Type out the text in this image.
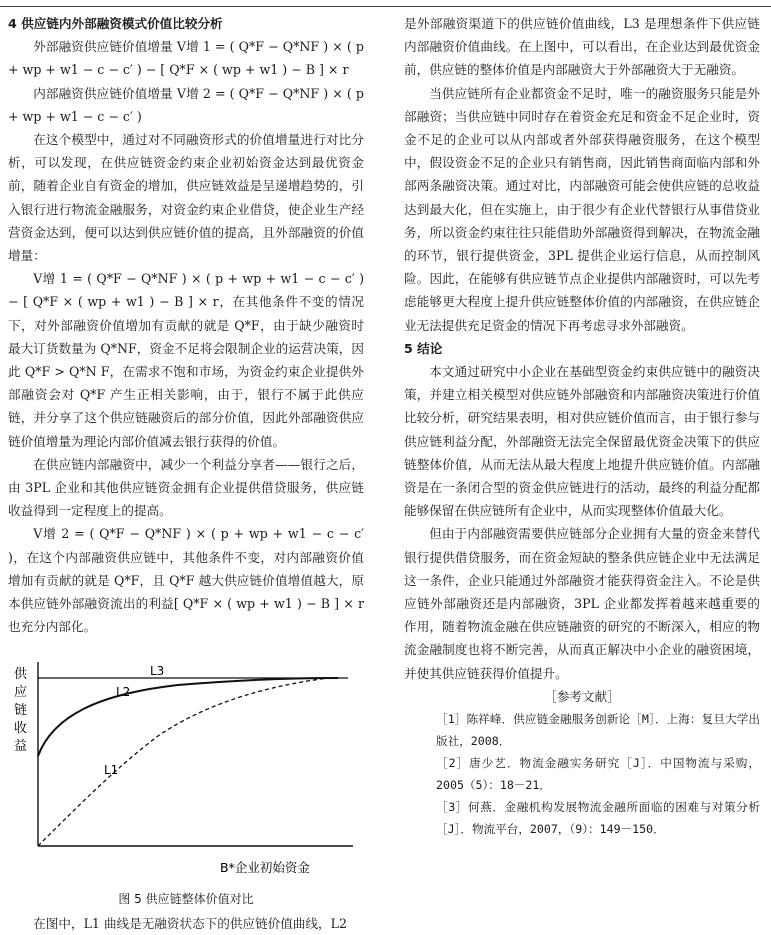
4 供应链内外部融资模式价值比较分析

外部融资供应链价值增量 V增 1 = ( Q*F − Q*NF ) × ( p + wp + w1 − c − c′ ) − [ Q*F × ( wp + w1 ) − B ] × r

内部融资供应链价值增量 V增 2 = ( Q*F − Q*NF ) × ( p + wp + w1 − c − c′ )

在这个模型中，通过对不同融资形式的价值增量进行对比分析，可以发现，在供应链资金约束企业初始资金达到最优资金前，随着企业自有资金的增加，供应链效益是呈递增趋势的，引入银行进行物流金融服务，对资金约束企业借贷，使企业生产经营资金达到，便可以达到供应链价值的提高，且外部融资的价值增量：

V增 1 = ( Q*F − Q*NF ) × ( p + wp + w1 − c − c′ ) − [ Q*F × ( wp + w1 ) − B ] × r，在其他条件不变的情况下，对外部融资价值增加有贡献的就是 Q*F，由于缺少融资时最大订货数量为 Q*NF，资金不足将会限制企业的运营决策，因此 Q*F > Q*N F，在需求不饱和市场，为资金约束企业提供外部融资会对 Q*F 产生正相关影响，由于，银行不属于此供应链，并分享了这个供应链融资后的部分价值，因此外部融资供应链价值增量为理论内部价值减去银行获得的价值。

在供应链内部融资中，减少一个利益分享者——银行之后，由 3PL 企业和其他供应链资金拥有企业提供借贷服务，供应链收益得到一定程度上的提高。

V增 2 = ( Q*F − Q*NF ) × ( p + wp + w1 − c − c′ )，在这个内部融资供应链中，其他条件不变，对内部融资价值增加有贡献的就是 Q*F，且 Q*F 越大供应链价值增值越大，原本供应链外部融资流出的利益[ Q*F × ( wp + w1 ) − B ] × r 也充分内部化。

供
应
链
收
益
L3
L2
L1
B*企业初始资金

图 5 供应链整体价值对比

在图中，L1 曲线是无融资状态下的供应链价值曲线，L2

是外部融资渠道下的供应链价值曲线，L3 是理想条件下供应链内部融资价值曲线。在上图中，可以看出，在企业达到最优资金前，供应链的整体价值是内部融资大于外部融资大于无融资。

当供应链所有企业都资金不足时，唯一的融资服务只能是外部融资；当供应链中同时存在着资金充足和资金不足企业时，资金不足的企业可以从内部或者外部获得融资服务，在这个模型中，假设资金不足的企业只有销售商，因此销售商面临内部和外部两条融资决策。通过对比，内部融资可能会使供应链的总收益达到最大化，但在实施上，由于很少有企业代替银行从事借贷业务，所以资金约束往往只能借助外部融资得到解决，在物流金融的环节，银行提供资金，3PL 提供企业运行信息，从而控制风险。因此，在能够有供应链节点企业提供内部融资时，可以先考虑能够更大程度上提升供应链整体价值的内部融资，在供应链企业无法提供充足资金的情况下再考虑寻求外部融资。

5 结论

本文通过研究中小企业在基础型资金约束供应链中的融资决策，并建立相关模型对供应链外部融资和内部融资决策进行价值比较分析，研究结果表明，相对供应链价值而言，由于银行参与供应链利益分配，外部融资无法完全保留最优资金决策下的供应链整体价值，从而无法从最大程度上地提升供应链价值。内部融资是在一条闭合型的资金供应链进行的活动，最终的利益分配都能够保留在供应链所有企业中，从而实现整体价值最大化。

但由于内部融资需要供应链部分企业拥有大量的资金来替代银行提供借贷服务，而在资金短缺的整条供应链企业中无法满足这一条件，企业只能通过外部融资才能获得资金注入。不论是供应链外部融资还是内部融资，3PL 企业都发挥着越来越重要的作用，随着物流金融在供应链融资的研究的不断深入，相应的物流金融制度也将不断完善，从而真正解决中小企业的融资困境，并使其供应链获得价值提升。

［参考文献］

［1］陈祥峰．供应链金融服务创新论［M］．上海：复旦大学出版社，2008．

［2］唐少艺．物流金融实务研究［J］．中国物流与采购，2005（5）：18－21．

［3］何燕．金融机构发展物流金融所面临的困难与对策分析［J］．物流平台，2007，（9）：149－150．
